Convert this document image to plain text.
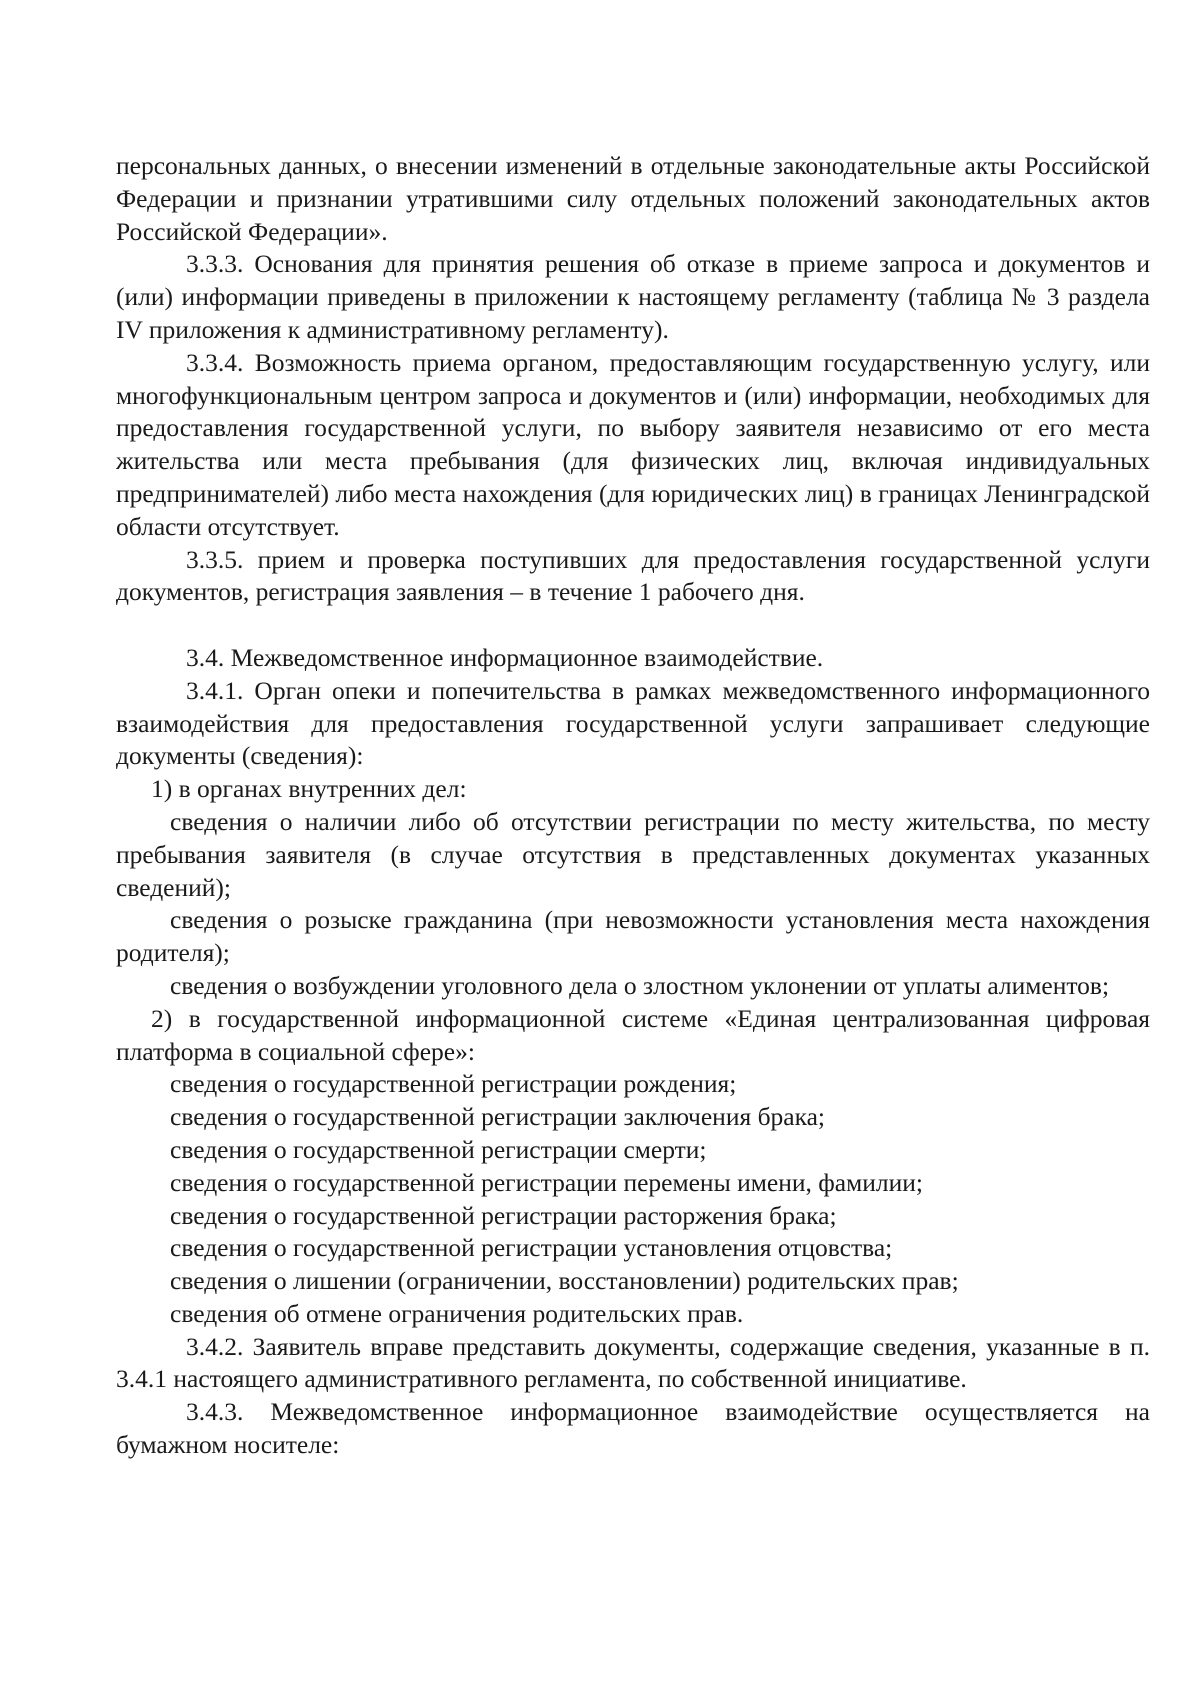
персональных данных, о внесении изменений в отдельные законодательные акты Российской Федерации и признании утратившими силу отдельных положений законодательных актов Российской Федерации».

3.3.3. Основания для принятия решения об отказе в приеме запроса и документов и (или) информации приведены в приложении к настоящему регламенту (таблица № 3 раздела IV приложения к административному регламенту).

3.3.4. Возможность приема органом, предоставляющим государственную услугу, или многофункциональным центром запроса и документов и (или) информации, необходимых для предоставления государственной услуги, по выбору заявителя независимо от его места жительства или места пребывания (для физических лиц, включая индивидуальных предпринимателей) либо места нахождения (для юридических лиц) в границах Ленинградской области отсутствует.

3.3.5. прием и проверка поступивших для предоставления государственной услуги документов, регистрация заявления – в течение 1 рабочего дня.

3.4. Межведомственное информационное взаимодействие.

3.4.1. Орган опеки и попечительства в рамках межведомственного информационного взаимодействия для предоставления государственной услуги запрашивает следующие документы (сведения):

1) в органах внутренних дел:

сведения о наличии либо об отсутствии регистрации по месту жительства, по месту пребывания заявителя (в случае отсутствия в представленных документах указанных сведений);

сведения о розыске гражданина (при невозможности установления места нахождения родителя);

сведения о возбуждении уголовного дела о злостном уклонении от уплаты алиментов;

2) в государственной информационной системе «Единая централизованная цифровая платформа в социальной сфере»:

сведения о государственной регистрации рождения;

сведения о государственной регистрации заключения брака;

сведения о государственной регистрации смерти;

сведения о государственной регистрации перемены имени, фамилии;

сведения о государственной регистрации расторжения брака;

сведения о государственной регистрации установления отцовства;

сведения о лишении (ограничении, восстановлении) родительских прав;

сведения об отмене ограничения родительских прав.

3.4.2. Заявитель вправе представить документы, содержащие сведения, указанные в п. 3.4.1 настоящего административного регламента, по собственной инициативе.

3.4.3. Межведомственное информационное взаимодействие осуществляется на бумажном носителе:
